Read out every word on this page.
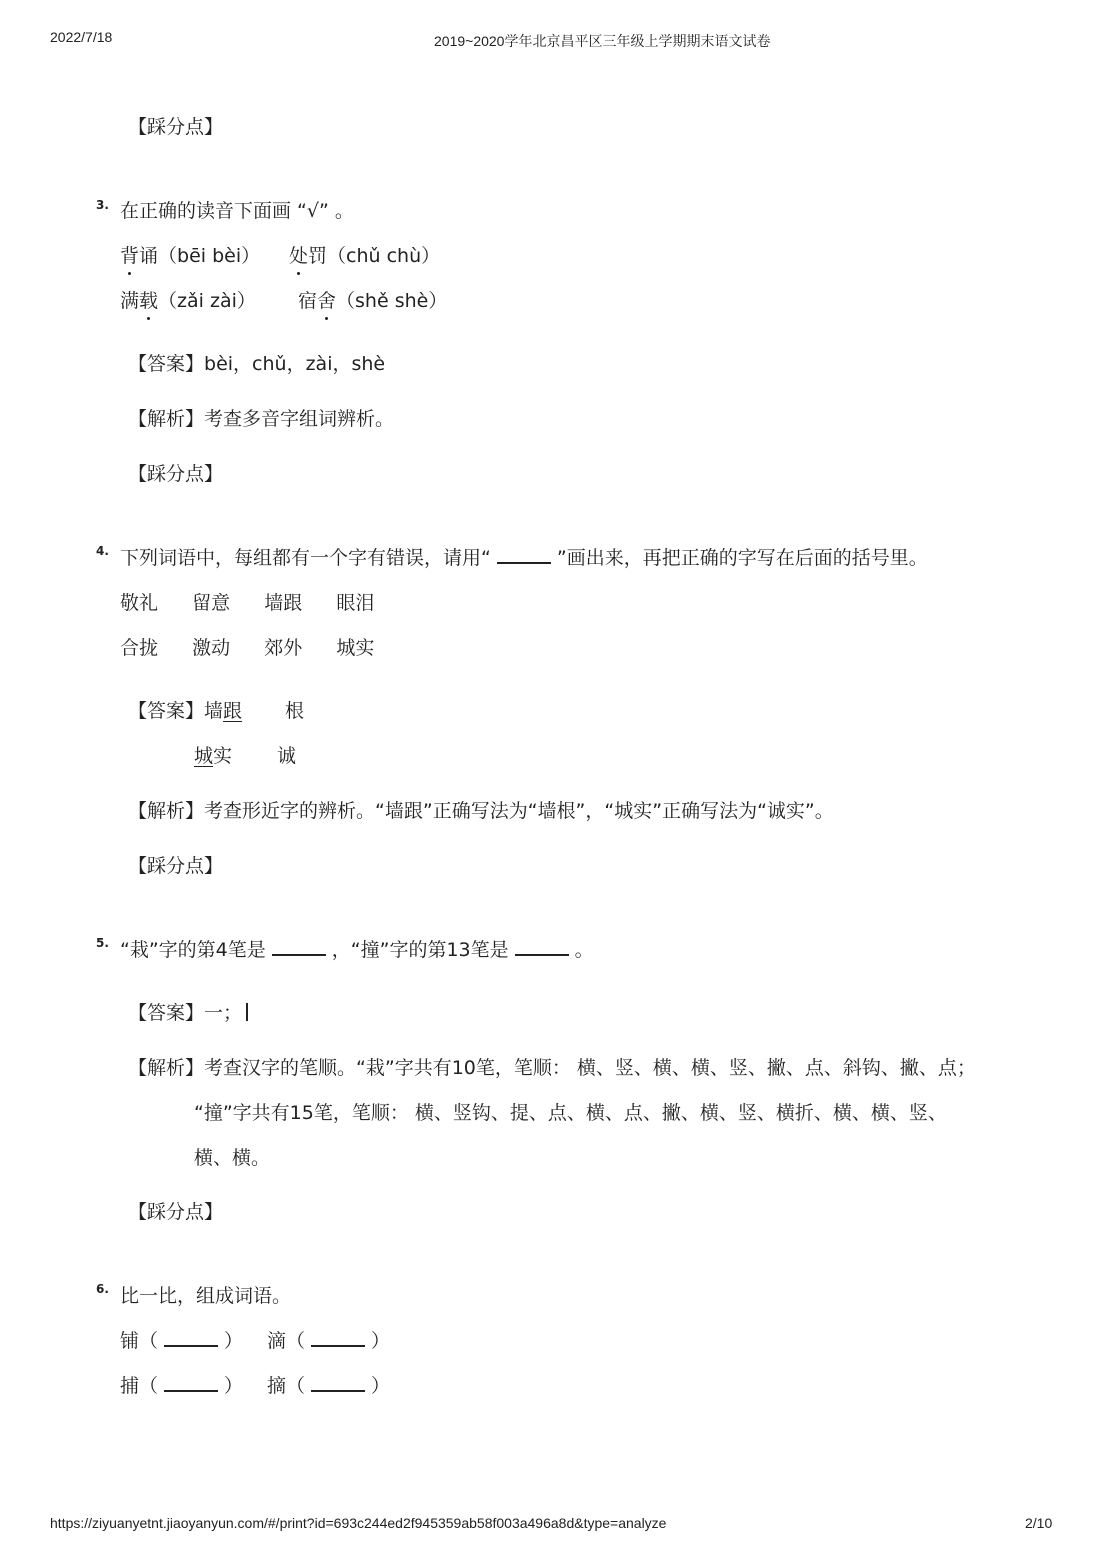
2022/7/18	2019~2020学年北京昌平区三年级上学期期末语文试卷
【踩分点】
3. 在正确的读音下面画 “√” 。
背诵（bēi bèi） 处罚（chǔ chù）
满载（zǎi zài） 宿舍（shě shè）
【答案】bèi，chǔ，zài，shè
【解析】考查多音字组词辨析。
【踩分点】
4. 下列词语中，每组都有一个字有错误，请用“	”画出来，再把正确的字写在后面的括号里。
敬礼 留意 墙跟 眼泪
合拢 激动 郊外 城实
【答案】墙跟 根
城实 诚
【解析】考查形近字的辨析。“墙跟”正确写法为“墙根”，“城实”正确写法为“诚实”。
【踩分点】
5. “栽”字的第4笔是	，“撞”字的第13笔是	。
【答案】一；
【解析】考查汉字的笔顺。“栽”字共有10笔，笔顺： 横、竖、横、横、竖、撇、点、斜钩、撇、点；
“撞”字共有15笔，笔顺： 横、竖钩、提、点、横、点、撇、横、竖、横折、横、横、竖、
横、横。
【踩分点】
6. 比一比，组成词语。
铺（	） 滴（	）
捕（	） 摘（	）
https://ziyuanyetnt.jiaoyanyun.com/#/print?id=693c244ed2f945359ab58f003a496a8d&type=analyze	2/10
